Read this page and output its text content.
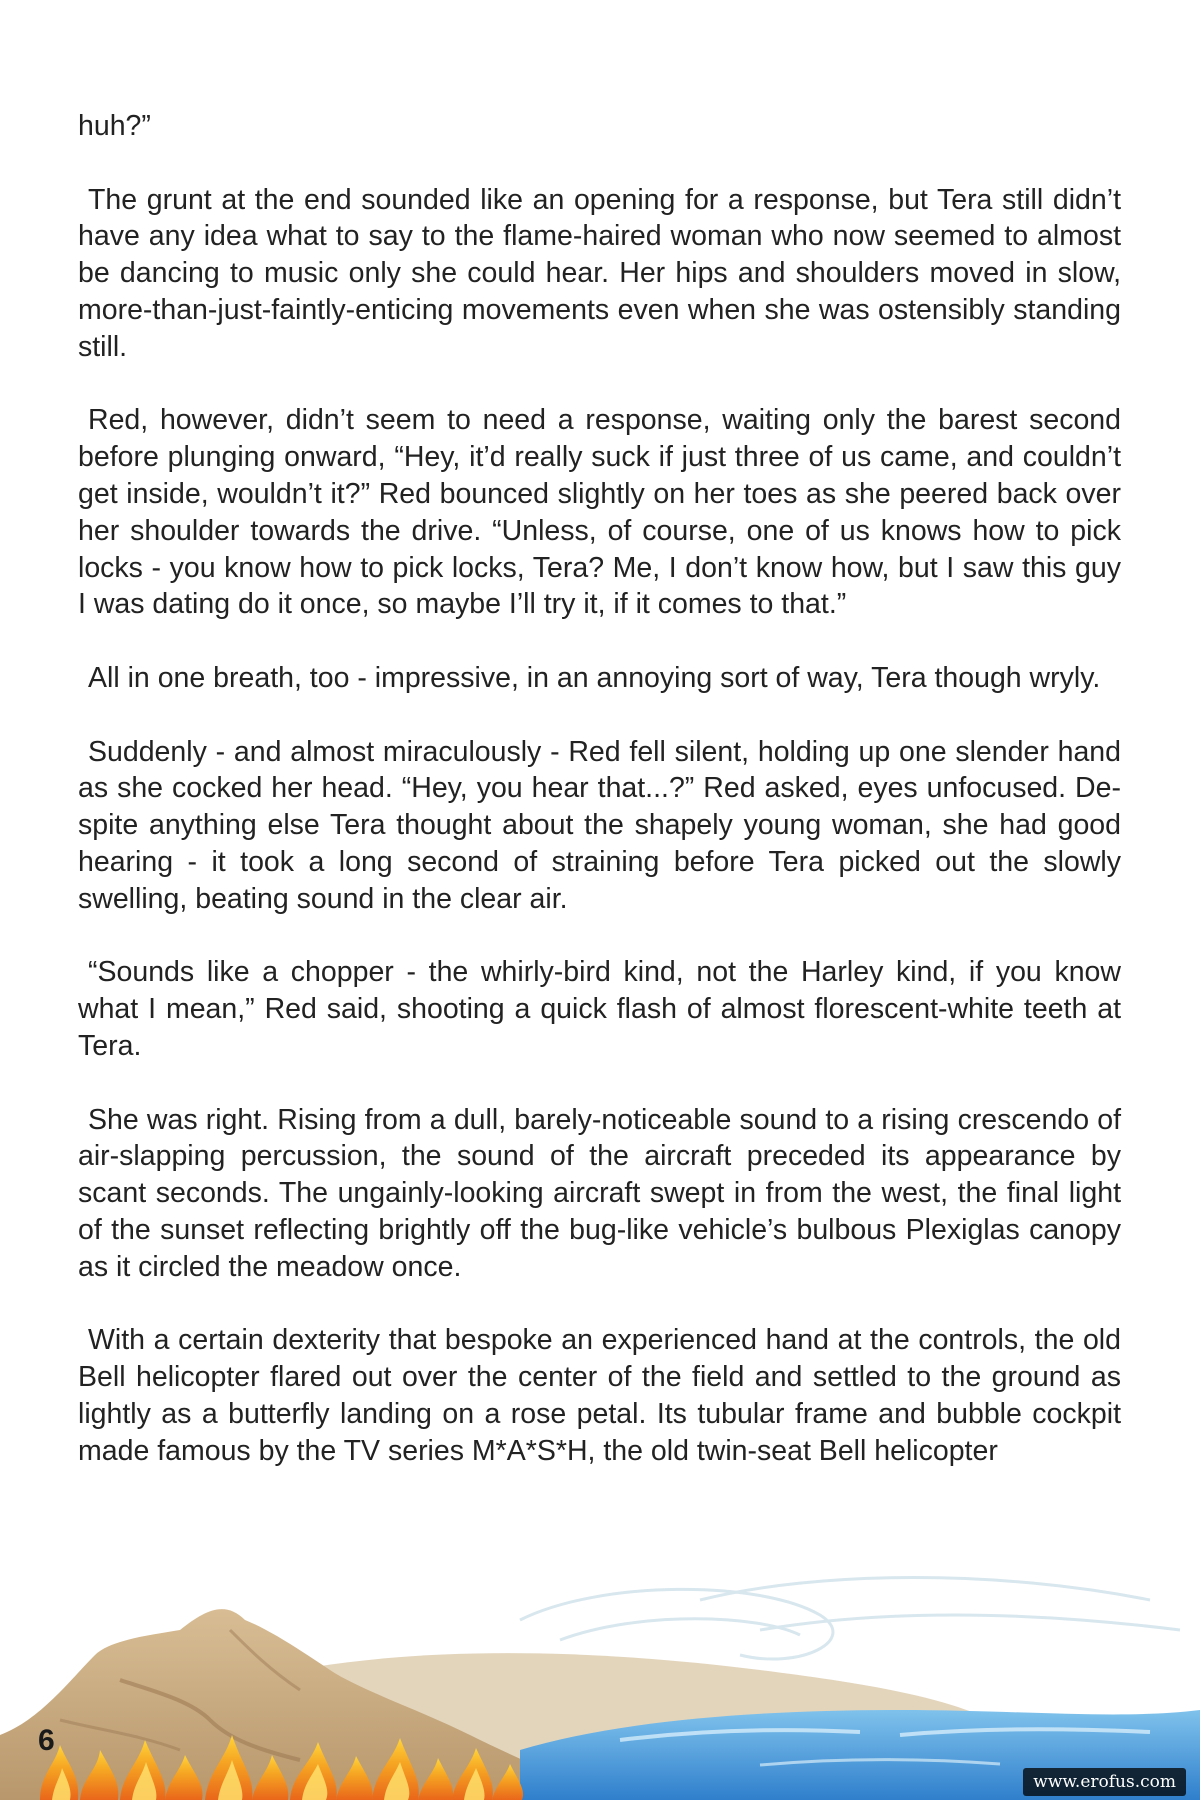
huh?”

The grunt at the end sounded like an opening for a response, but Tera still didn’t have any idea what to say to the flame-haired woman who now seemed to almost be dancing to music only she could hear. Her hips and shoulders moved in slow, more-than-just-faintly-enticing movements even when she was ostensibly standing still.

Red, however, didn’t seem to need a response, waiting only the barest second before plunging onward, “Hey, it’d really suck if just three of us came, and couldn’t get inside, wouldn’t it?” Red bounced slightly on her toes as she peered back over her shoulder towards the drive. “Unless, of course, one of us knows how to pick locks - you know how to pick locks, Tera? Me, I don’t know how, but I saw this guy I was dating do it once, so maybe I’ll try it, if it comes to that.”

All in one breath, too - impressive, in an annoying sort of way, Tera though wryly.

Suddenly - and almost miraculously - Red fell silent, holding up one slender hand as she cocked her head. “Hey, you hear that...?” Red asked, eyes unfocused. Despite anything else Tera thought about the shapely young woman, she had good hearing - it took a long second of straining before Tera picked out the slowly swelling, beating sound in the clear air.

“Sounds like a chopper - the whirly-bird kind, not the Harley kind, if you know what I mean,” Red said, shooting a quick flash of almost florescent-white teeth at Tera.

She was right. Rising from a dull, barely-noticeable sound to a rising crescendo of air-slapping percussion, the sound of the aircraft preceded its appearance by scant seconds. The ungainly-looking aircraft swept in from the west, the final light of the sunset reflecting brightly off the bug-like vehicle’s bulbous Plexiglas canopy as it circled the meadow once.

With a certain dexterity that bespoke an experienced hand at the controls, the old Bell helicopter flared out over the center of the field and settled to the ground as lightly as a butterfly landing on a rose petal. Its tubular frame and bubble cockpit made famous by the TV series M*A*S*H, the old twin-seat Bell helicopter

6
www.erofus.com
